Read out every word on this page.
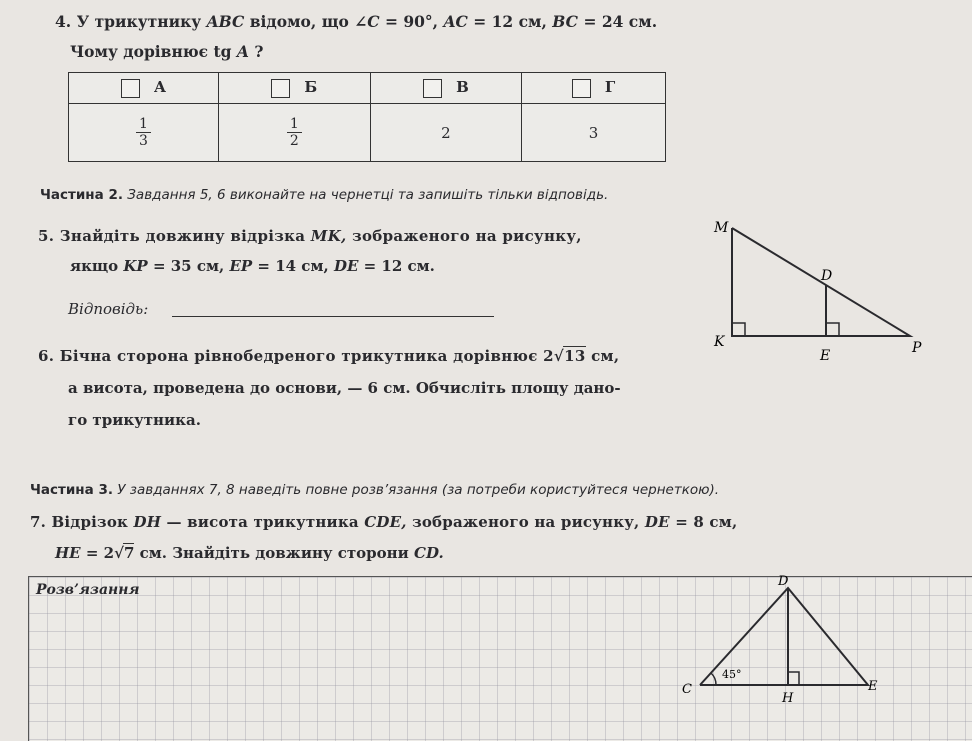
4. У трикутнику ABC відомо, що ∠C = 90°, AC = 12 см, BC = 24 см.
Чому дорівнює tg A ?
А	Б	В	Г

$\frac{1}{3}$	$\frac{1}{2}$	2	3
Частина 2. Завдання 5, 6 виконайте на чернетці та запишіть тільки відповідь.
5. Знайдіть довжину відрізка MK, зображеного на рисунку,
якщо KP = 35 см, EP = 14 см, DE = 12 см.
Відповідь:
M
D
K
E	P
6. Бічна сторона рівнобедреного трикутника дорівнює 2√13 см,
а висота, проведена до основи, — 6 см. Обчисліть площу дано-
го трикутника.
Частина 3. У завданнях 7, 8 наведіть повне розв’язання (за потреби користуйтеся чернеткою).
7. Відрізок DH — висота трикутника CDE, зображеного на рисунку, DE = 8 см,
HE = 2√7 см. Знайдіть довжину сторони CD.
Розв’язання
D
C
H
E
45°
